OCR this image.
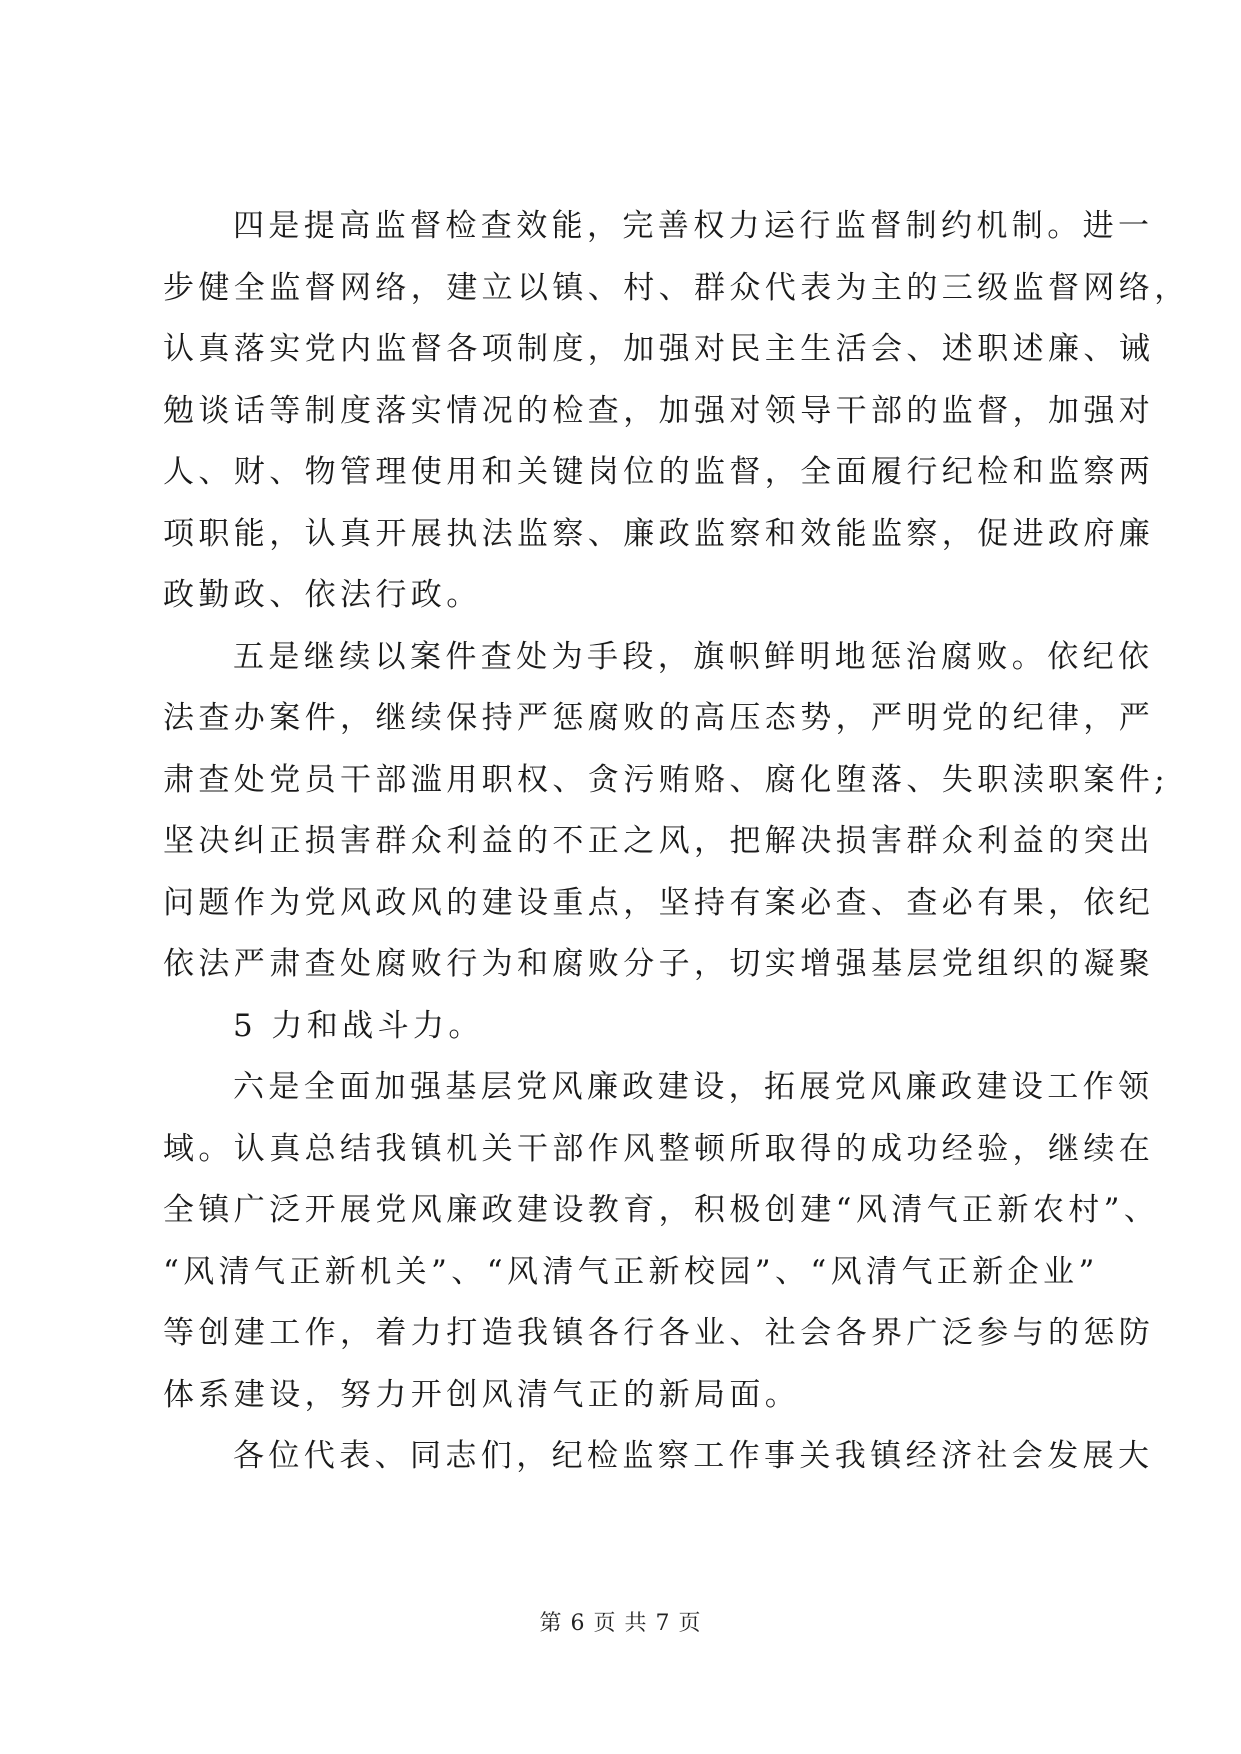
四是提高监督检查效能，完善权力运行监督制约机制。进一
步健全监督网络，建立以镇、村、群众代表为主的三级监督网络，
认真落实党内监督各项制度，加强对民主生活会、述职述廉、诫
勉谈话等制度落实情况的检查，加强对领导干部的监督，加强对
人、财、物管理使用和关键岗位的监督，全面履行纪检和监察两
项职能，认真开展执法监察、廉政监察和效能监察，促进政府廉
政勤政、依法行政。
五是继续以案件查处为手段，旗帜鲜明地惩治腐败。依纪依
法查办案件，继续保持严惩腐败的高压态势，严明党的纪律，严
肃查处党员干部滥用职权、贪污贿赂、腐化堕落、失职渎职案件;
坚决纠正损害群众利益的不正之风，把解决损害群众利益的突出
问题作为党风政风的建设重点，坚持有案必查、查必有果，依纪
依法严肃查处腐败行为和腐败分子，切实增强基层党组织的凝聚
5 力和战斗力。
六是全面加强基层党风廉政建设，拓展党风廉政建设工作领
域。认真总结我镇机关干部作风整顿所取得的成功经验，继续在
全镇广泛开展党风廉政建设教育，积极创建“风清气正新农村”、
“风清气正新机关”、“风清气正新校园”、“风清气正新企业”
等创建工作，着力打造我镇各行各业、社会各界广泛参与的惩防
体系建设，努力开创风清气正的新局面。
各位代表、同志们，纪检监察工作事关我镇经济社会发展大
第 6 页 共 7 页
